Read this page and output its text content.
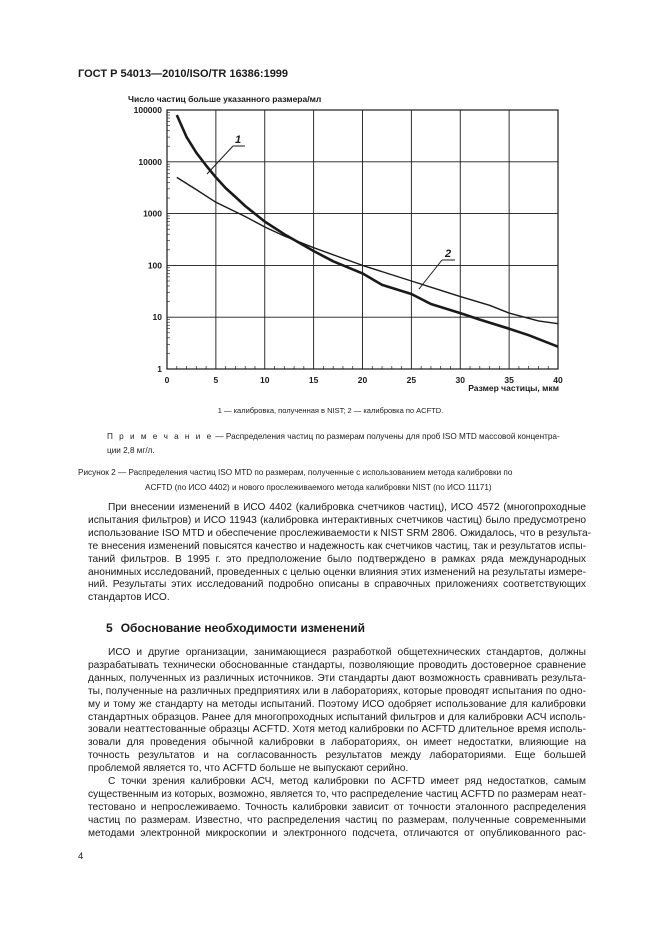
ГОСТ Р 54013—2010/ISO/TR 16386:1999
Число частиц больше указанного размера/мл
100000
10000
1000
100
10
1
0	5	10	15	20	25	30	35	40
Размер частицы, мкм
1
2
1 — калибровка, полученная в NIST; 2 — калибровка по ACFTD.
П р и м е ч а н и е — Распределения частиц по размерам получены для проб ISO MTD массовой концентра-
ции 2,8 мг/л.
Рисунок 2 — Распределения частиц ISO MTD по размерам, полученные с использованием метода калибровки по
ACFTD (по ИСО 4402) и нового прослеживаемого метода калибровки NIST (по ИСО 11171)
При внесении изменений в ИСО 4402 (калибровка счетчиков частиц), ИСО 4572 (многопроходные
испытания фильтров) и ИСО 11943 (калибровка интерактивных счетчиков частиц) было предусмотрено
использование ISO MTD и обеспечение прослеживаемости к NIST SRM 2806. Ожидалось, что в результа-
те внесения изменений повысятся качество и надежность как счетчиков частиц, так и результатов испы-
таний фильтров. В 1995 г. это предположение было подтверждено в рамках ряда международных
анонимных исследований, проведенных с целью оценки влияния этих изменений на результаты измере-
ний. Результаты этих исследований подробно описаны в справочных приложениях соответствующих
стандартов ИСО.
5 Обоснование необходимости изменений
ИСО и другие организации, занимающиеся разработкой общетехнических стандартов, должны
разрабатывать технически обоснованные стандарты, позволяющие проводить достоверное сравнение
данных, полученных из различных источников. Эти стандарты дают возможность сравнивать результа-
ты, полученные на различных предприятиях или в лабораториях, которые проводят испытания по одно-
му и тому же стандарту на методы испытаний. Поэтому ИСО одобряет использование для калибровки
стандартных образцов. Ранее для многопроходных испытаний фильтров и для калибровки АСЧ исполь-
зовали неаттестованные образцы ACFTD. Хотя метод калибровки по ACFTD длительное время исполь-
зовали для проведения обычной калибровки в лабораториях, он имеет недостатки, влияющие на
точность результатов и на согласованность результатов между лабораториями. Еще большей
проблемой является то, что ACFTD больше не выпускают серийно.
С точки зрения калибровки АСЧ, метод калибровки по ACFTD имеет ряд недостатков, самым
существенным из которых, возможно, является то, что распределение частиц ACFTD по размерам неат-
тестовано и непрослеживаемо. Точность калибровки зависит от точности эталонного распределения
частиц по размерам. Известно, что распределения частиц по размерам, полученные современными
методами электронной микроскопии и электронного подсчета, отличаются от опубликованного рас-
4
